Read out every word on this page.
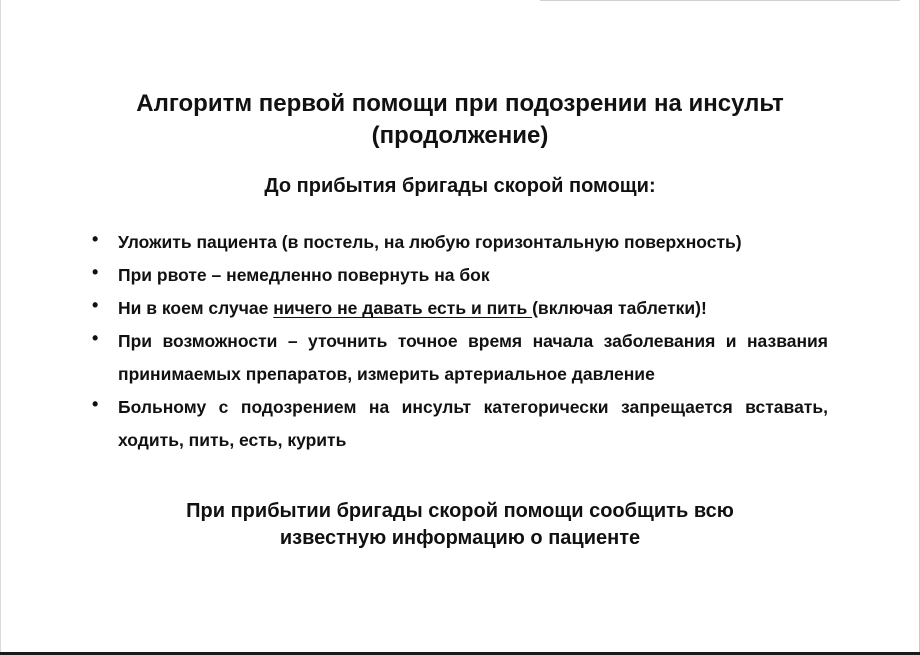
Алгоритм первой помощи при подозрении на инсульт
(продолжение)
До прибытия бригады скорой помощи:
• Уложить пациента (в постель, на любую горизонтальную поверхность)
• При рвоте – немедленно повернуть на бок
• Ни в коем случае ничего не давать есть и пить (включая таблетки)!
• При возможности – уточнить точное время начала заболевания и названия принимаемых препаратов, измерить артериальное давление
• Больному с подозрением на инсульт категорически запрещается вставать, ходить, пить, есть, курить

При прибытии бригады скорой помощи сообщить всю
известную информацию о пациенте
